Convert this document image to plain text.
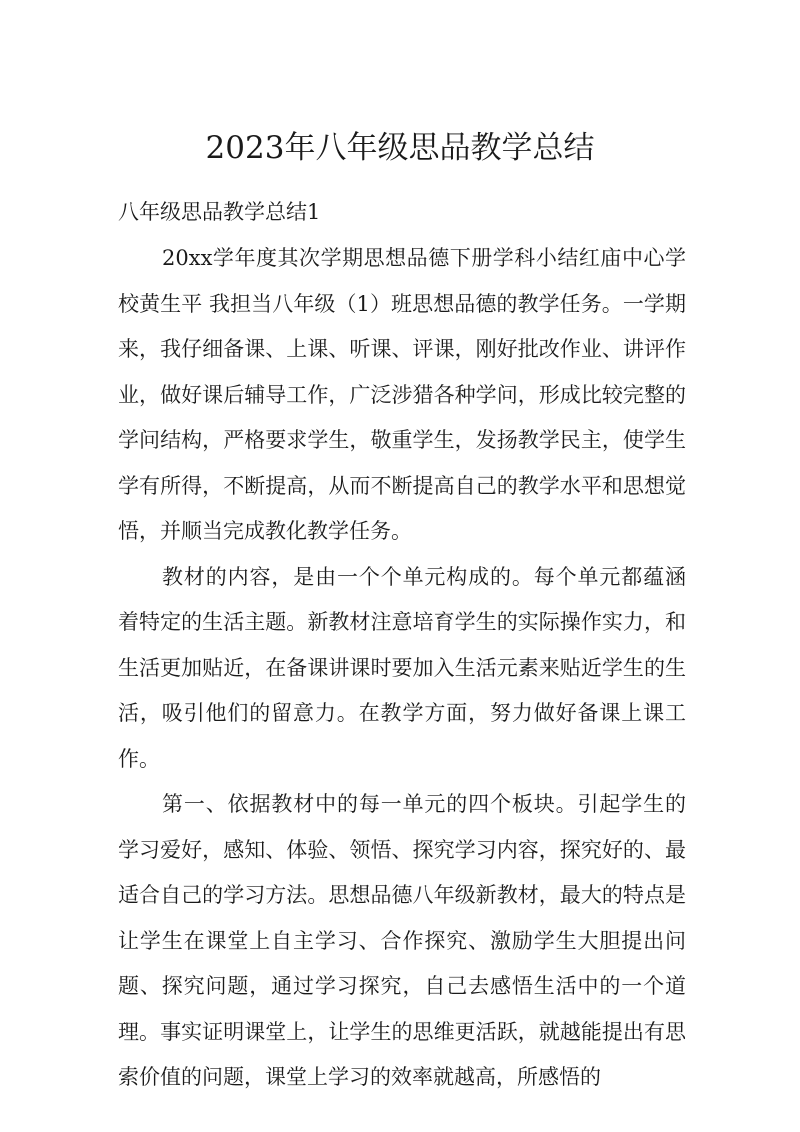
2023年八年级思品教学总结
八年级思品教学总结1

20xx学年度其次学期思想品德下册学科小结红庙中心学校黄生平 我担当八年级（1）班思想品德的教学任务。一学期来，我仔细备课、上课、听课、评课，刚好批改作业、讲评作业，做好课后辅导工作，广泛涉猎各种学问，形成比较完整的学问结构，严格要求学生，敬重学生，发扬教学民主，使学生学有所得，不断提高，从而不断提高自己的教学水平和思想觉悟，并顺当完成教化教学任务。

教材的内容，是由一个个单元构成的。每个单元都蕴涵着特定的生活主题。新教材注意培育学生的实际操作实力，和生活更加贴近，在备课讲课时要加入生活元素来贴近学生的生活，吸引他们的留意力。在教学方面，努力做好备课上课工作。

第一、依据教材中的每一单元的四个板块。引起学生的学习爱好，感知、体验、领悟、探究学习内容，探究好的、最适合自己的学习方法。思想品德八年级新教材，最大的特点是让学生在课堂上自主学习、合作探究、激励学生大胆提出问题、探究问题，通过学习探究，自己去感悟生活中的一个道理。事实证明课堂上，让学生的思维更活跃，就越能提出有思索价值的问题，课堂上学习的效率就越高，所感悟的
